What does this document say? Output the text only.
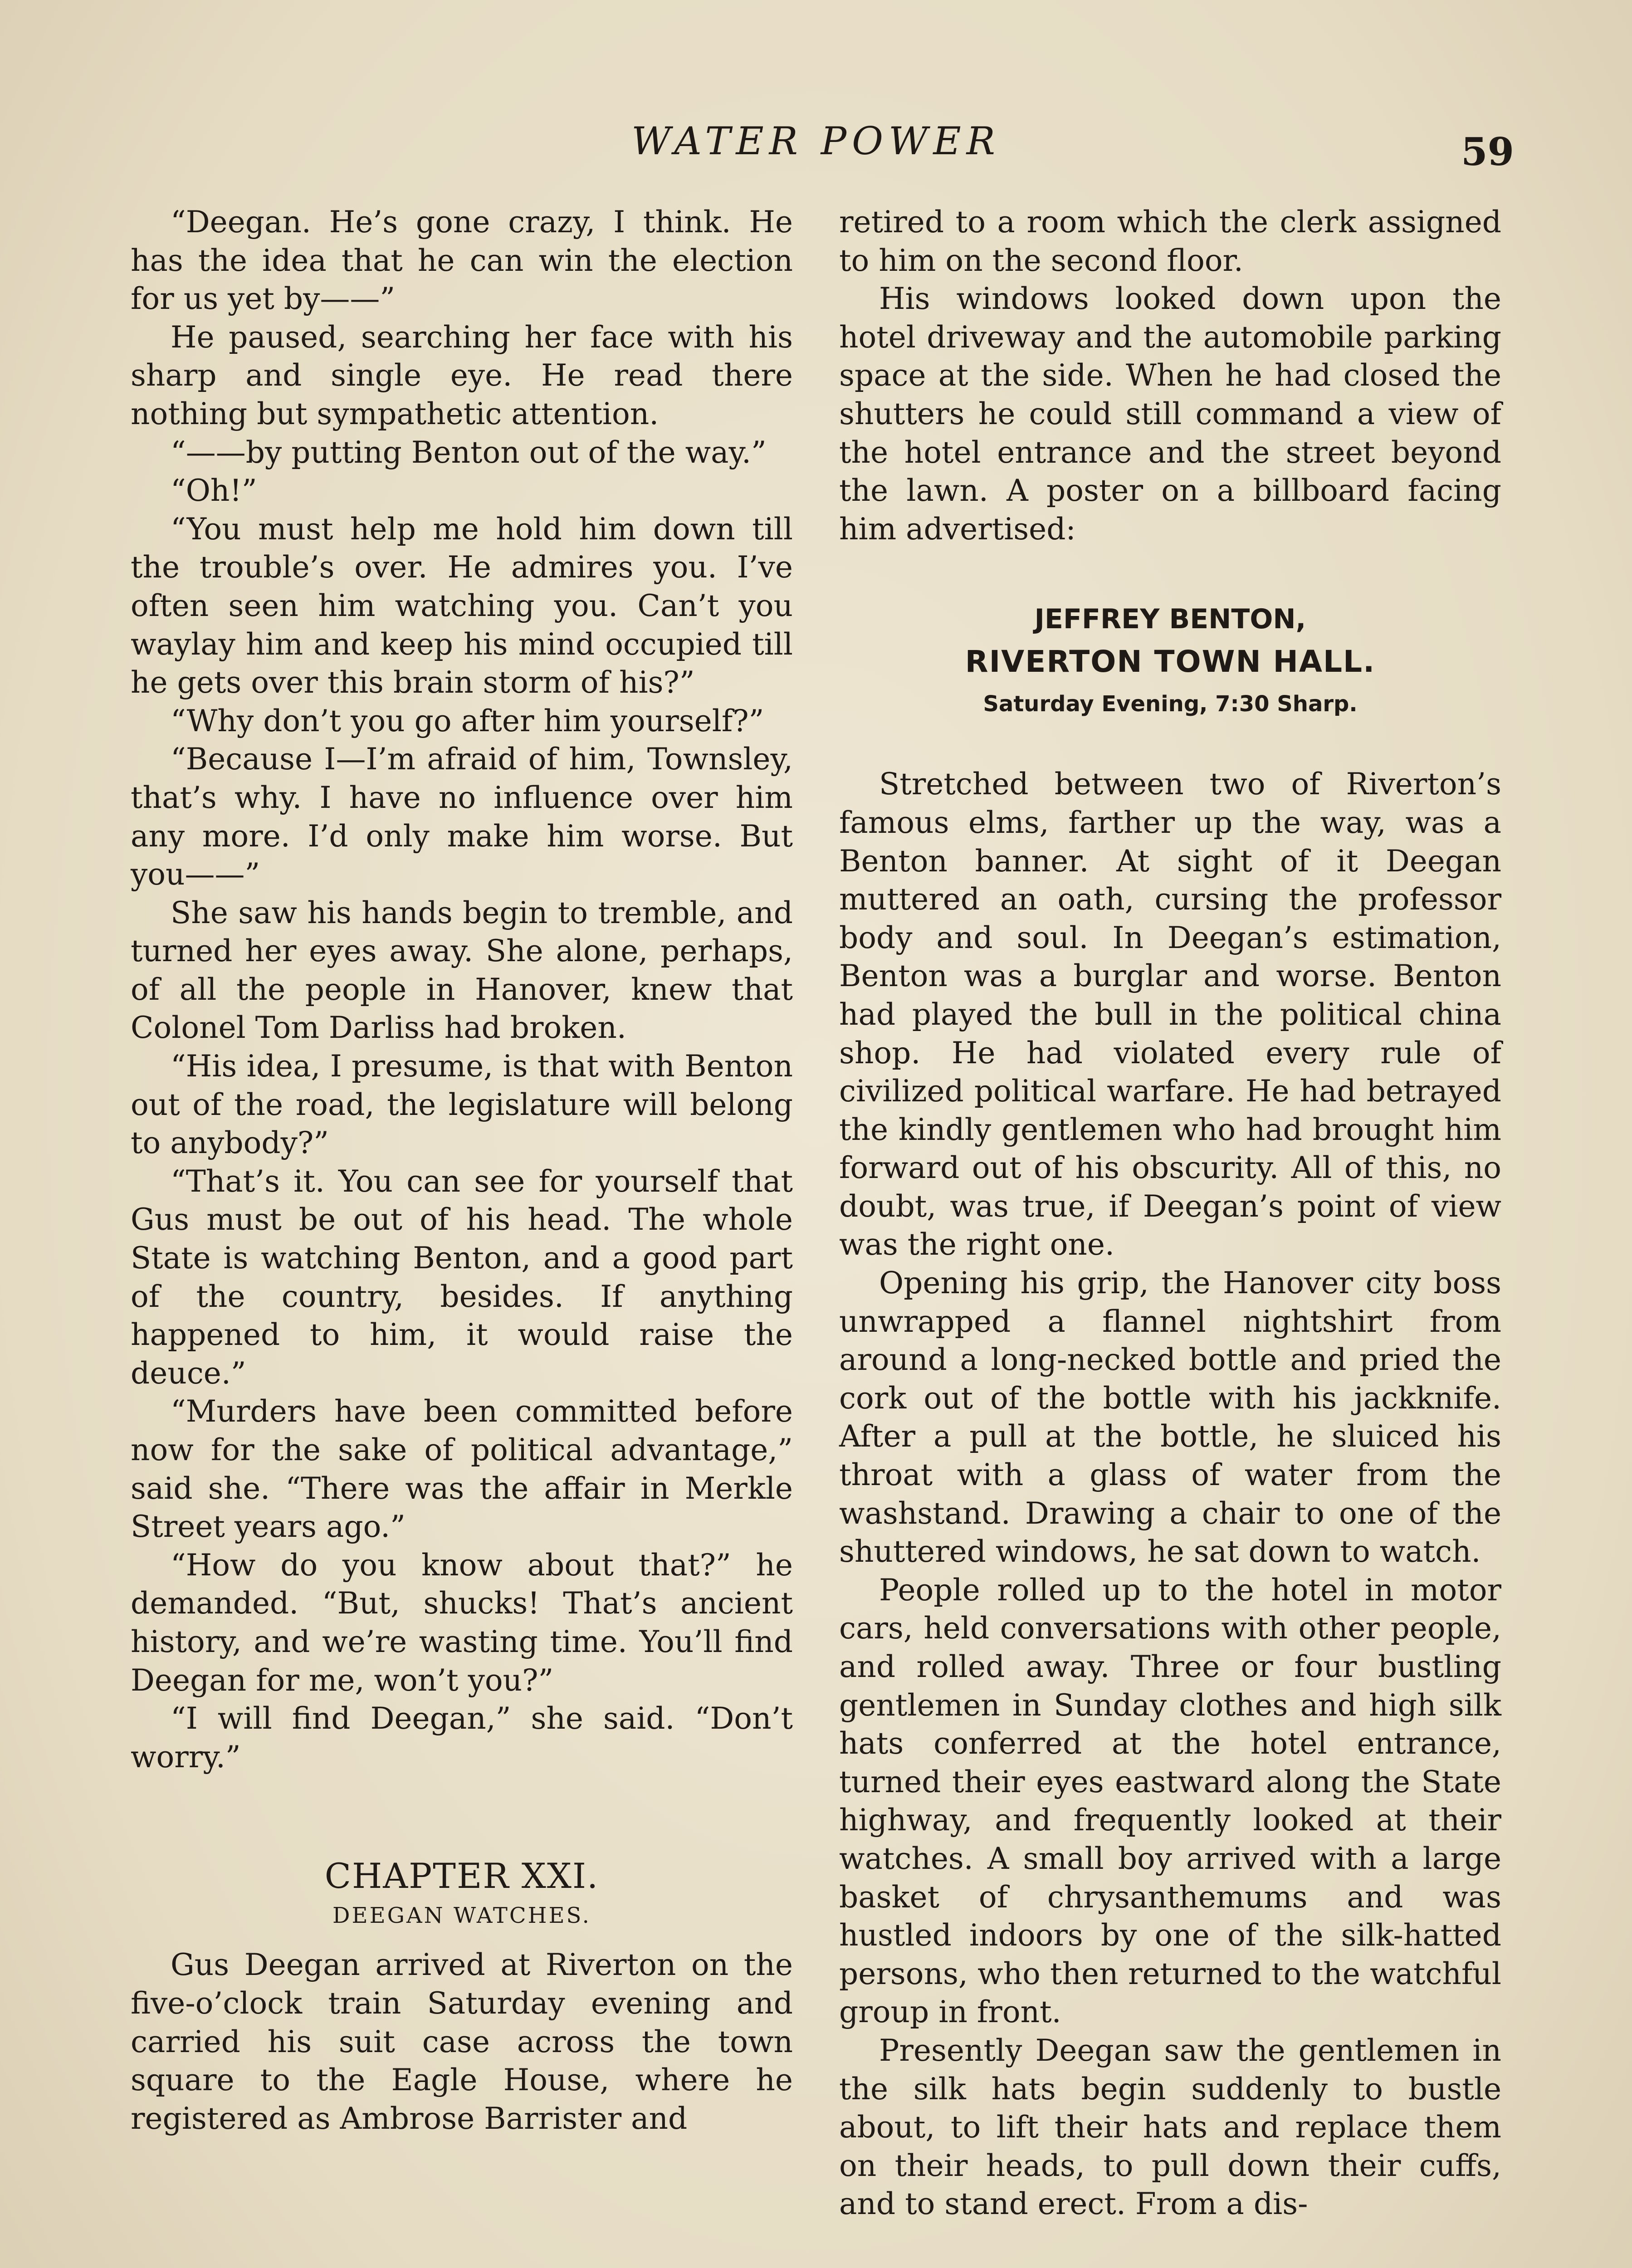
WATER POWER	59

“Deegan. He’s gone crazy, I think. He has the idea that he can win the election for us yet by——”

He paused, searching her face with his sharp and single eye. He read there nothing but sympathetic attention.

“——by putting Benton out of the way.”

“Oh!”

“You must help me hold him down till the trouble’s over. He admires you. I’ve often seen him watching you. Can’t you waylay him and keep his mind occupied till he gets over this brain storm of his?”

“Why don’t you go after him yourself?”

“Because I—I’m afraid of him, Townsley, that’s why. I have no influence over him any more. I’d only make him worse. But you——”

She saw his hands begin to tremble, and turned her eyes away. She alone, perhaps, of all the people in Hanover, knew that Colonel Tom Darliss had broken.

“His idea, I presume, is that with Benton out of the road, the legislature will belong to anybody?”

“That’s it. You can see for yourself that Gus must be out of his head. The whole State is watching Benton, and a good part of the country, besides. If anything happened to him, it would raise the deuce.”

“Murders have been committed before now for the sake of political advantage,” said she. “There was the affair in Merkle Street years ago.”

“How do you know about that?” he demanded. “But, shucks! That’s ancient history, and we’re wasting time. You’ll find Deegan for me, won’t you?”

“I will find Deegan,” she said. “Don’t worry.”

CHAPTER XXI.
DEEGAN WATCHES.

Gus Deegan arrived at Riverton on the five-o’clock train Saturday evening and carried his suit case across the town square to the Eagle House, where he registered as Ambrose Barrister and

retired to a room which the clerk assigned to him on the second floor.

His windows looked down upon the hotel driveway and the automobile parking space at the side. When he had closed the shutters he could still command a view of the hotel entrance and the street beyond the lawn. A poster on a billboard facing him advertised:

JEFFREY BENTON,
RIVERTON TOWN HALL.
Saturday Evening, 7:30 Sharp.

Stretched between two of Riverton’s famous elms, farther up the way, was a Benton banner. At sight of it Deegan muttered an oath, cursing the professor body and soul. In Deegan’s estimation, Benton was a burglar and worse. Benton had played the bull in the political china shop. He had violated every rule of civilized political warfare. He had betrayed the kindly gentlemen who had brought him forward out of his obscurity. All of this, no doubt, was true, if Deegan’s point of view was the right one.

Opening his grip, the Hanover city boss unwrapped a flannel nightshirt from around a long-necked bottle and pried the cork out of the bottle with his jackknife. After a pull at the bottle, he sluiced his throat with a glass of water from the washstand. Drawing a chair to one of the shuttered windows, he sat down to watch.

People rolled up to the hotel in motor cars, held conversations with other people, and rolled away. Three or four bustling gentlemen in Sunday clothes and high silk hats conferred at the hotel entrance, turned their eyes eastward along the State highway, and frequently looked at their watches. A small boy arrived with a large basket of chrysanthemums and was hustled indoors by one of the silk-hatted persons, who then returned to the watchful group in front.

Presently Deegan saw the gentlemen in the silk hats begin suddenly to bustle about, to lift their hats and replace them on their heads, to pull down their cuffs, and to stand erect. From a dis-
